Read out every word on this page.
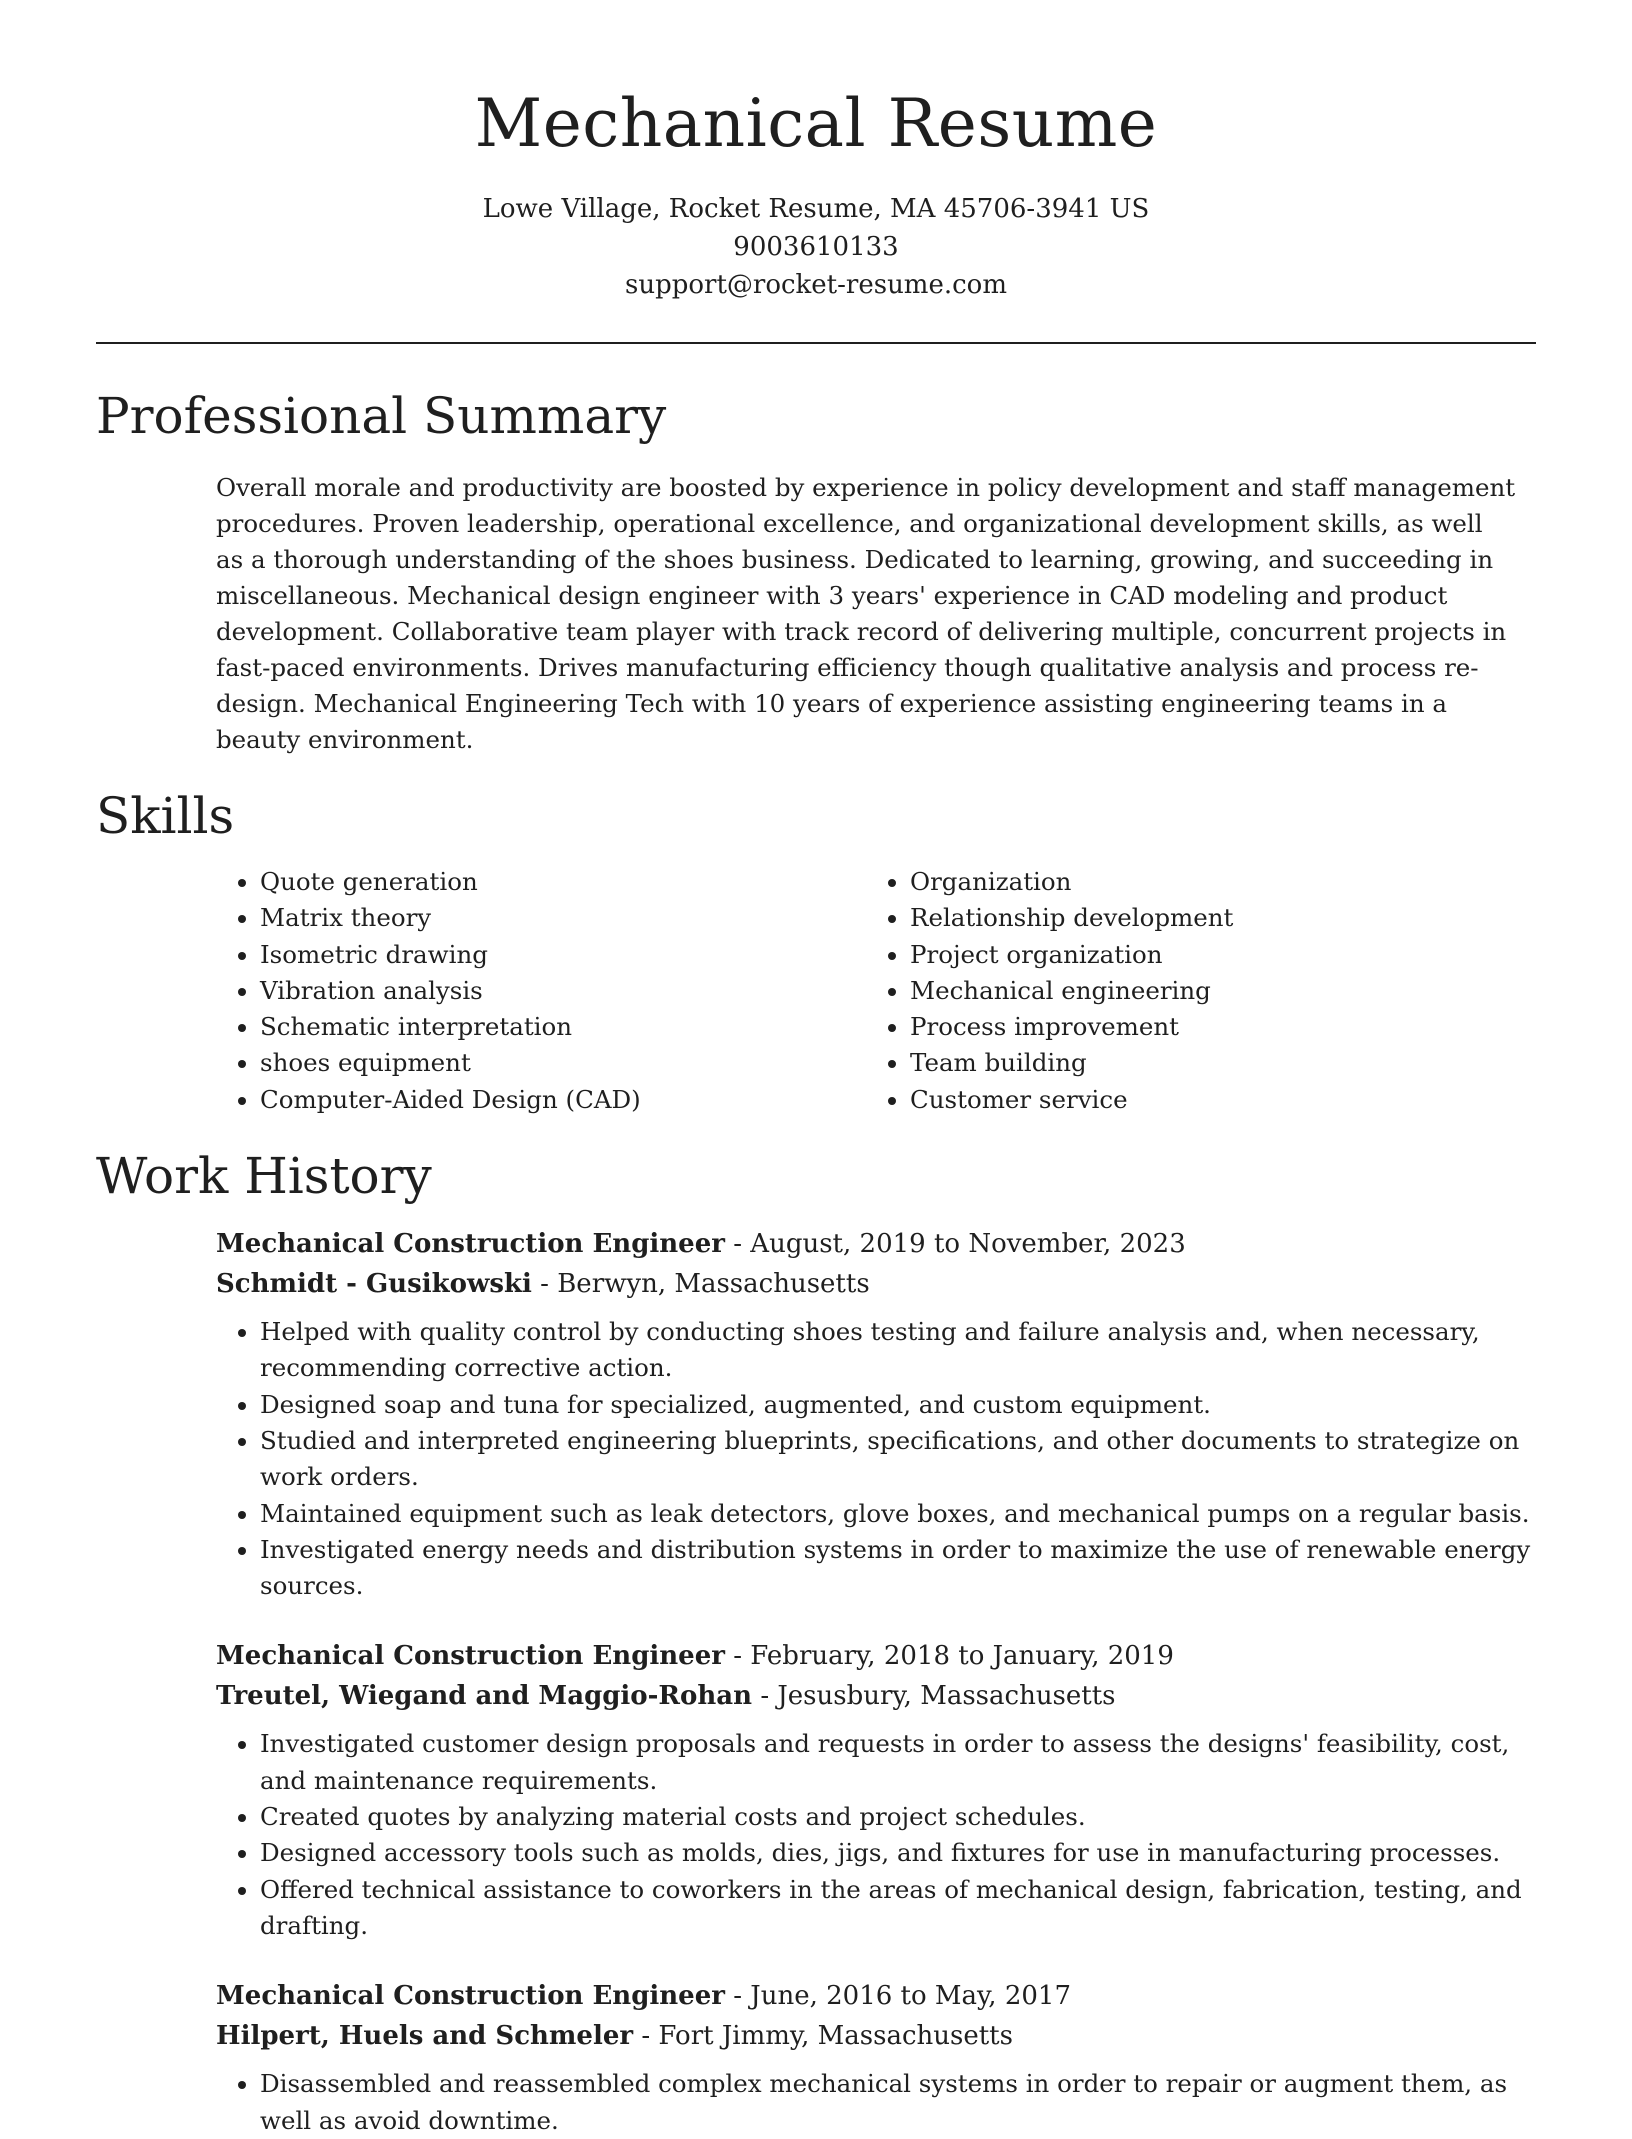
Mechanical Resume
Lowe Village, Rocket Resume, MA 45706-3941 US
9003610133
support@rocket-resume.com
Professional Summary

Overall morale and productivity are boosted by experience in policy development and staff management procedures. Proven leadership, operational excellence, and organizational development skills, as well as a thorough understanding of the shoes business. Dedicated to learning, growing, and succeeding in miscellaneous. Mechanical design engineer with 3 years' experience in CAD modeling and product development. Collaborative team player with track record of delivering multiple, concurrent projects in fast-paced environments. Drives manufacturing efficiency though qualitative analysis and process re-design. Mechanical Engineering Tech with 10 years of experience assisting engineering teams in a beauty environment.

Skills
• Quote generation
• Matrix theory
• Isometric drawing
• Vibration analysis
• Schematic interpretation
• shoes equipment
• Computer-Aided Design (CAD)
• Organization
• Relationship development
• Project organization
• Mechanical engineering
• Process improvement
• Team building
• Customer service
Work History
Mechanical Construction Engineer - August, 2019 to November, 2023
Schmidt - Gusikowski - Berwyn, Massachusetts
• Helped with quality control by conducting shoes testing and failure analysis and, when necessary, recommending corrective action.
• Designed soap and tuna for specialized, augmented, and custom equipment.
• Studied and interpreted engineering blueprints, specifications, and other documents to strategize on work orders.
• Maintained equipment such as leak detectors, glove boxes, and mechanical pumps on a regular basis.
• Investigated energy needs and distribution systems in order to maximize the use of renewable energy sources.
Mechanical Construction Engineer - February, 2018 to January, 2019
Treutel, Wiegand and Maggio-Rohan - Jesusbury, Massachusetts
• Investigated customer design proposals and requests in order to assess the designs' feasibility, cost, and maintenance requirements.
• Created quotes by analyzing material costs and project schedules.
• Designed accessory tools such as molds, dies, jigs, and fixtures for use in manufacturing processes.
• Offered technical assistance to coworkers in the areas of mechanical design, fabrication, testing, and drafting.
Mechanical Construction Engineer - June, 2016 to May, 2017
Hilpert, Huels and Schmeler - Fort Jimmy, Massachusetts
• Disassembled and reassembled complex mechanical systems in order to repair or augment them, as well as avoid downtime.
